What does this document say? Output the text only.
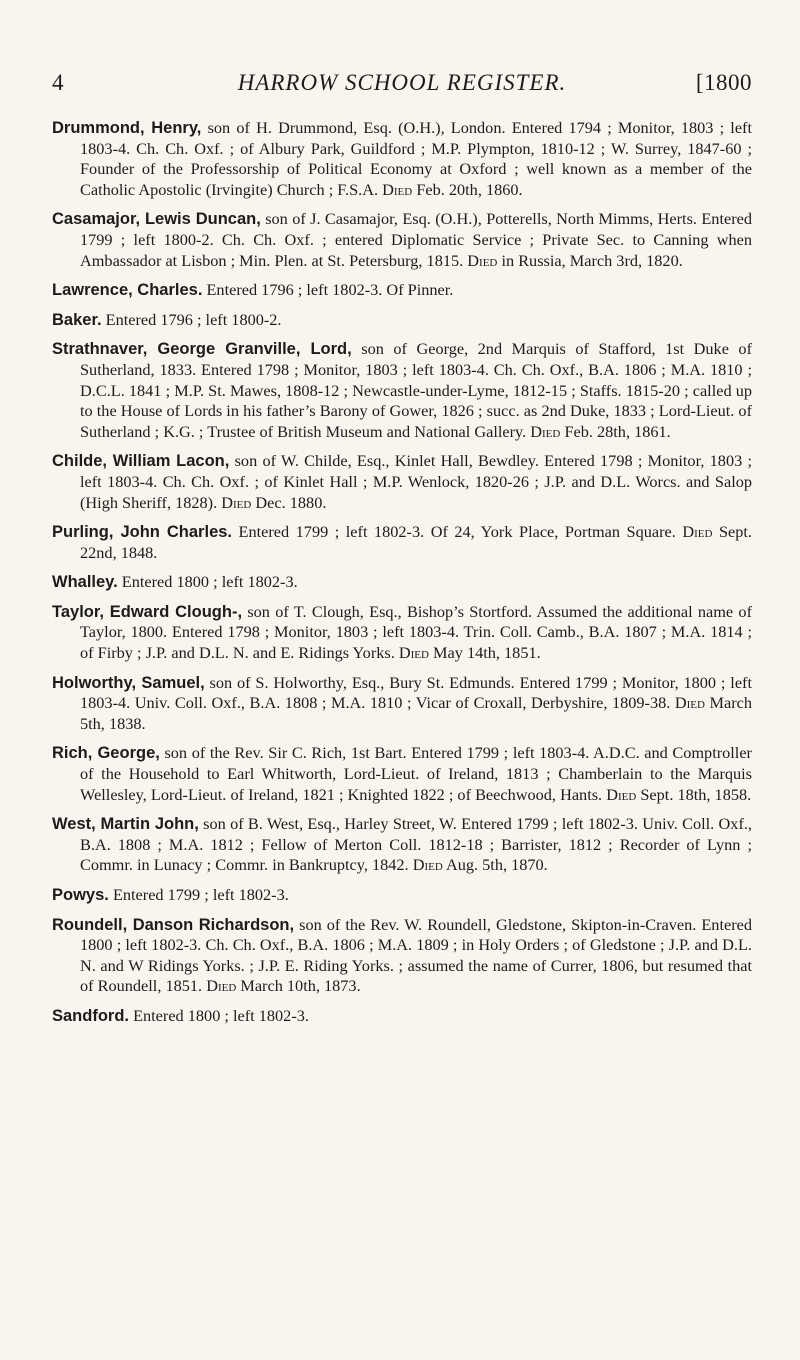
4	HARROW SCHOOL REGISTER.	[1800

Drummond, Henry, son of H. Drummond, Esq. (O.H.), London. Entered 1794 ; Monitor, 1803 ; left 1803-4. Ch. Ch. Oxf. ; of Albury Park, Guildford ; M.P. Plympton, 1810-12 ; W. Surrey, 1847-60 ; Founder of the Professorship of Political Economy at Oxford ; well known as a member of the Catholic Apostolic (Irvingite) Church ; F.S.A. Died Feb. 20th, 1860.

Casamajor, Lewis Duncan, son of J. Casamajor, Esq. (O.H.), Potterells, North Mimms, Herts. Entered 1799 ; left 1800-2. Ch. Ch. Oxf. ; entered Diplomatic Service ; Private Sec. to Canning when Ambassador at Lisbon ; Min. Plen. at St. Petersburg, 1815. Died in Russia, March 3rd, 1820.

Lawrence, Charles. Entered 1796 ; left 1802-3. Of Pinner.

Baker. Entered 1796 ; left 1800-2.

Strathnaver, George Granville, Lord, son of George, 2nd Marquis of Stafford, 1st Duke of Sutherland, 1833. Entered 1798 ; Monitor, 1803 ; left 1803-4. Ch. Ch. Oxf., B.A. 1806 ; M.A. 1810 ; D.C.L. 1841 ; M.P. St. Mawes, 1808-12 ; Newcastle-under-Lyme, 1812-15 ; Staffs. 1815-20 ; called up to the House of Lords in his father’s Barony of Gower, 1826 ; succ. as 2nd Duke, 1833 ; Lord-Lieut. of Sutherland ; K.G. ; Trustee of British Museum and National Gallery. Died Feb. 28th, 1861.

Childe, William Lacon, son of W. Childe, Esq., Kinlet Hall, Bewdley. Entered 1798 ; Monitor, 1803 ; left 1803-4. Ch. Ch. Oxf. ; of Kinlet Hall ; M.P. Wenlock, 1820-26 ; J.P. and D.L. Worcs. and Salop (High Sheriff, 1828). Died Dec. 1880.

Purling, John Charles. Entered 1799 ; left 1802-3. Of 24, York Place, Portman Square. Died Sept. 22nd, 1848.

Whalley. Entered 1800 ; left 1802-3.

Taylor, Edward Clough-, son of T. Clough, Esq., Bishop’s Stortford. Assumed the additional name of Taylor, 1800. Entered 1798 ; Monitor, 1803 ; left 1803-4. Trin. Coll. Camb., B.A. 1807 ; M.A. 1814 ; of Firby ; J.P. and D.L. N. and E. Ridings Yorks. Died May 14th, 1851.

Holworthy, Samuel, son of S. Holworthy, Esq., Bury St. Edmunds. Entered 1799 ; Monitor, 1800 ; left 1803-4. Univ. Coll. Oxf., B.A. 1808 ; M.A. 1810 ; Vicar of Croxall, Derbyshire, 1809-38. Died March 5th, 1838.

Rich, George, son of the Rev. Sir C. Rich, 1st Bart. Entered 1799 ; left 1803-4. A.D.C. and Comptroller of the Household to Earl Whitworth, Lord-Lieut. of Ireland, 1813 ; Chamberlain to the Marquis Wellesley, Lord-Lieut. of Ireland, 1821 ; Knighted 1822 ; of Beechwood, Hants. Died Sept. 18th, 1858.

West, Martin John, son of B. West, Esq., Harley Street, W. Entered 1799 ; left 1802-3. Univ. Coll. Oxf., B.A. 1808 ; M.A. 1812 ; Fellow of Merton Coll. 1812-18 ; Barrister, 1812 ; Recorder of Lynn ; Commr. in Lunacy ; Commr. in Bankruptcy, 1842. Died Aug. 5th, 1870.

Powys. Entered 1799 ; left 1802-3.

Roundell, Danson Richardson, son of the Rev. W. Roundell, Gledstone, Skipton-in-Craven. Entered 1800 ; left 1802-3. Ch. Ch. Oxf., B.A. 1806 ; M.A. 1809 ; in Holy Orders ; of Gledstone ; J.P. and D.L. N. and W Ridings Yorks. ; J.P. E. Riding Yorks. ; assumed the name of Currer, 1806, but resumed that of Roundell, 1851. Died March 10th, 1873.

Sandford. Entered 1800 ; left 1802-3.
